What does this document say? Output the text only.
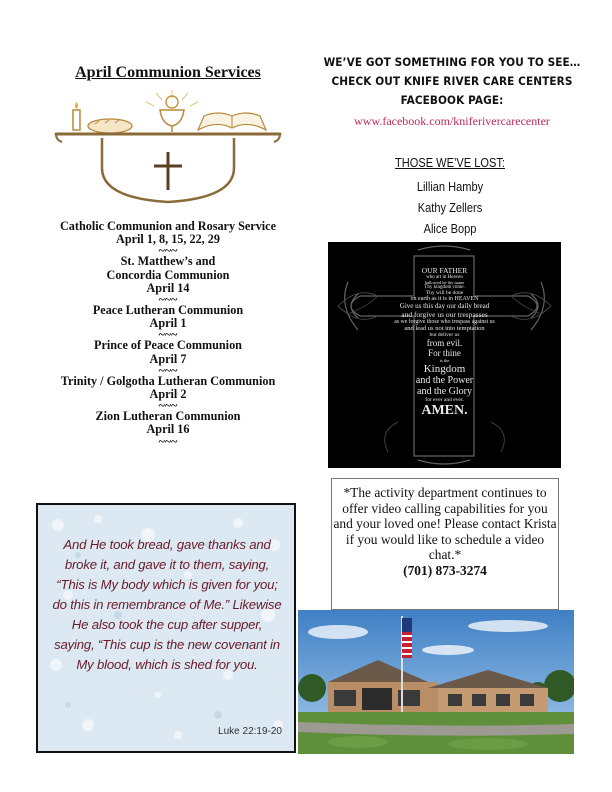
April Communion Services
Catholic Communion and Rosary Service
April 1, 8, 15, 22, 29
~~~
St. Matthew’s and
Concordia Communion
April 14
~~~
Peace Lutheran Communion
April 1
~~~
Prince of Peace Communion
April 7
~~~
Trinity / Golgotha Lutheran Communion
April 2
~~~
Zion Lutheran Communion
April 16
~~~
And He took bread, gave thanks and broke it, and gave it to them, saying, “This is My body which is given for you; do this in remembrance of Me.” Likewise He also took the cup after supper, saying, “This cup is the new covenant in My blood, which is shed for you.
Luke 22:19-20
WE’VE GOT SOMETHING FOR YOU TO SEE…
CHECK OUT KNIFE RIVER CARE CENTERS
FACEBOOK PAGE:
www.facebook.com/kniferivercarecenter
THOSE WE’VE LOST:
Lillian Hamby
Kathy Zellers
Alice Bopp
OUR FATHER
who art in Heaven
hallowed be thy name
Thy kingdom come.
Thy will be done
on earth as it is in HEAVEN
Give us this day our daily bread
and forgive us our trespasses
as we forgive those who trespass against us
and lead us not into temptation
but deliver us
from evil.
For thine
is the
Kingdom
and the Power
and the Glory
for ever and ever.
AMEN.
*The activity department continues to offer video calling capabilities for you and your loved one! Please contact Krista if you would like to schedule a video chat.*
(701) 873-3274
